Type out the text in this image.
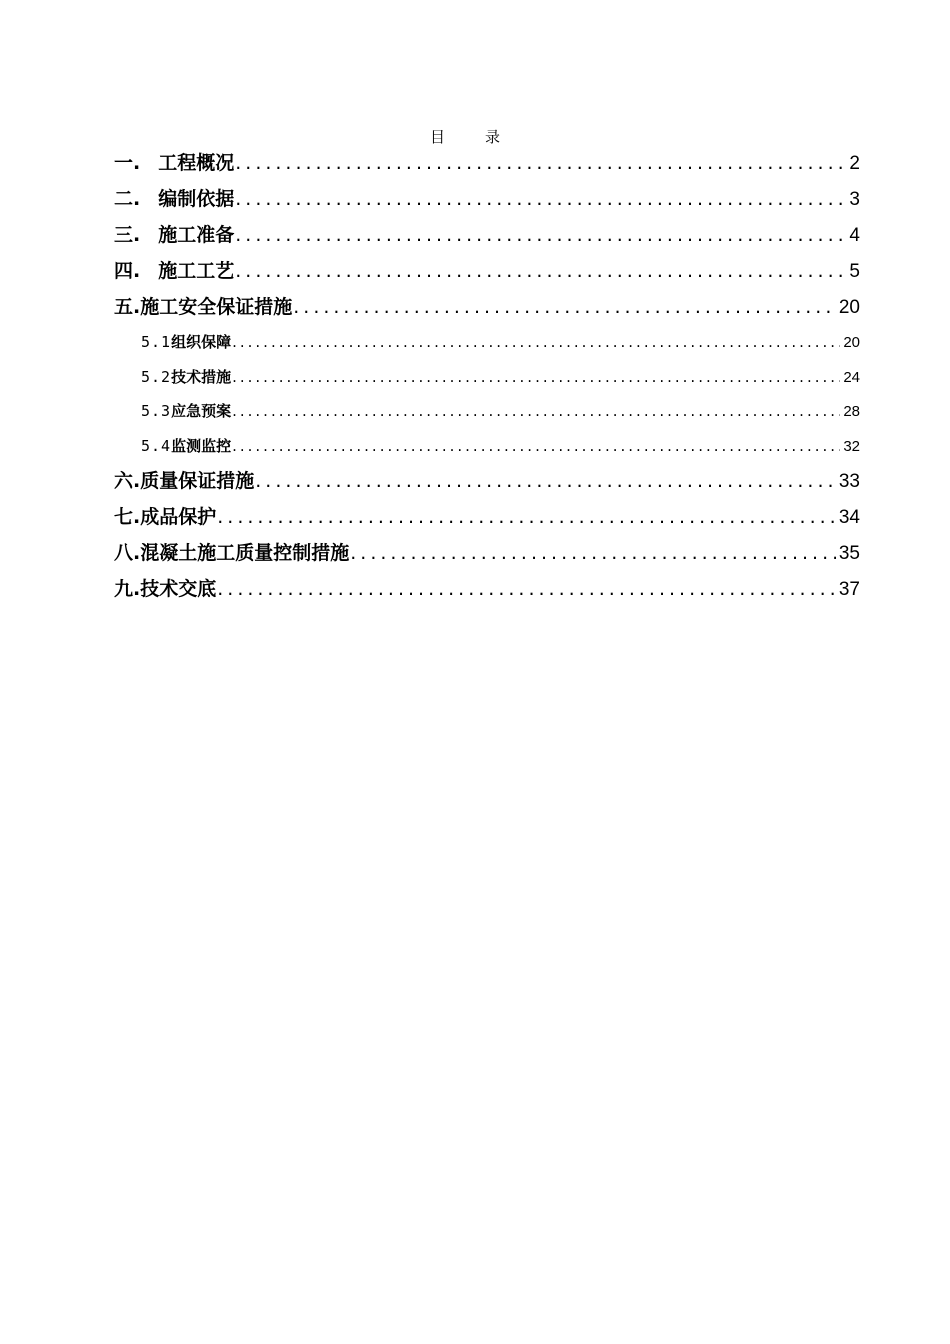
目录
一. 工程概况 .....	2
二. 编制依据 .....	3
三. 施工准备 .....	4
四. 施工工艺 .....	5
五. 施工安全保证措施 .....	20
5.1 组织保障 .....	20
5.2 技术措施 .....	24
5.3 应急预案 .....	28
5.4 监测监控 .....	32
六. 质量保证措施 .....	33
七. 成品保护 .....	34
八. 混凝土施工质量控制措施 .....	35
九. 技术交底 .....	37
